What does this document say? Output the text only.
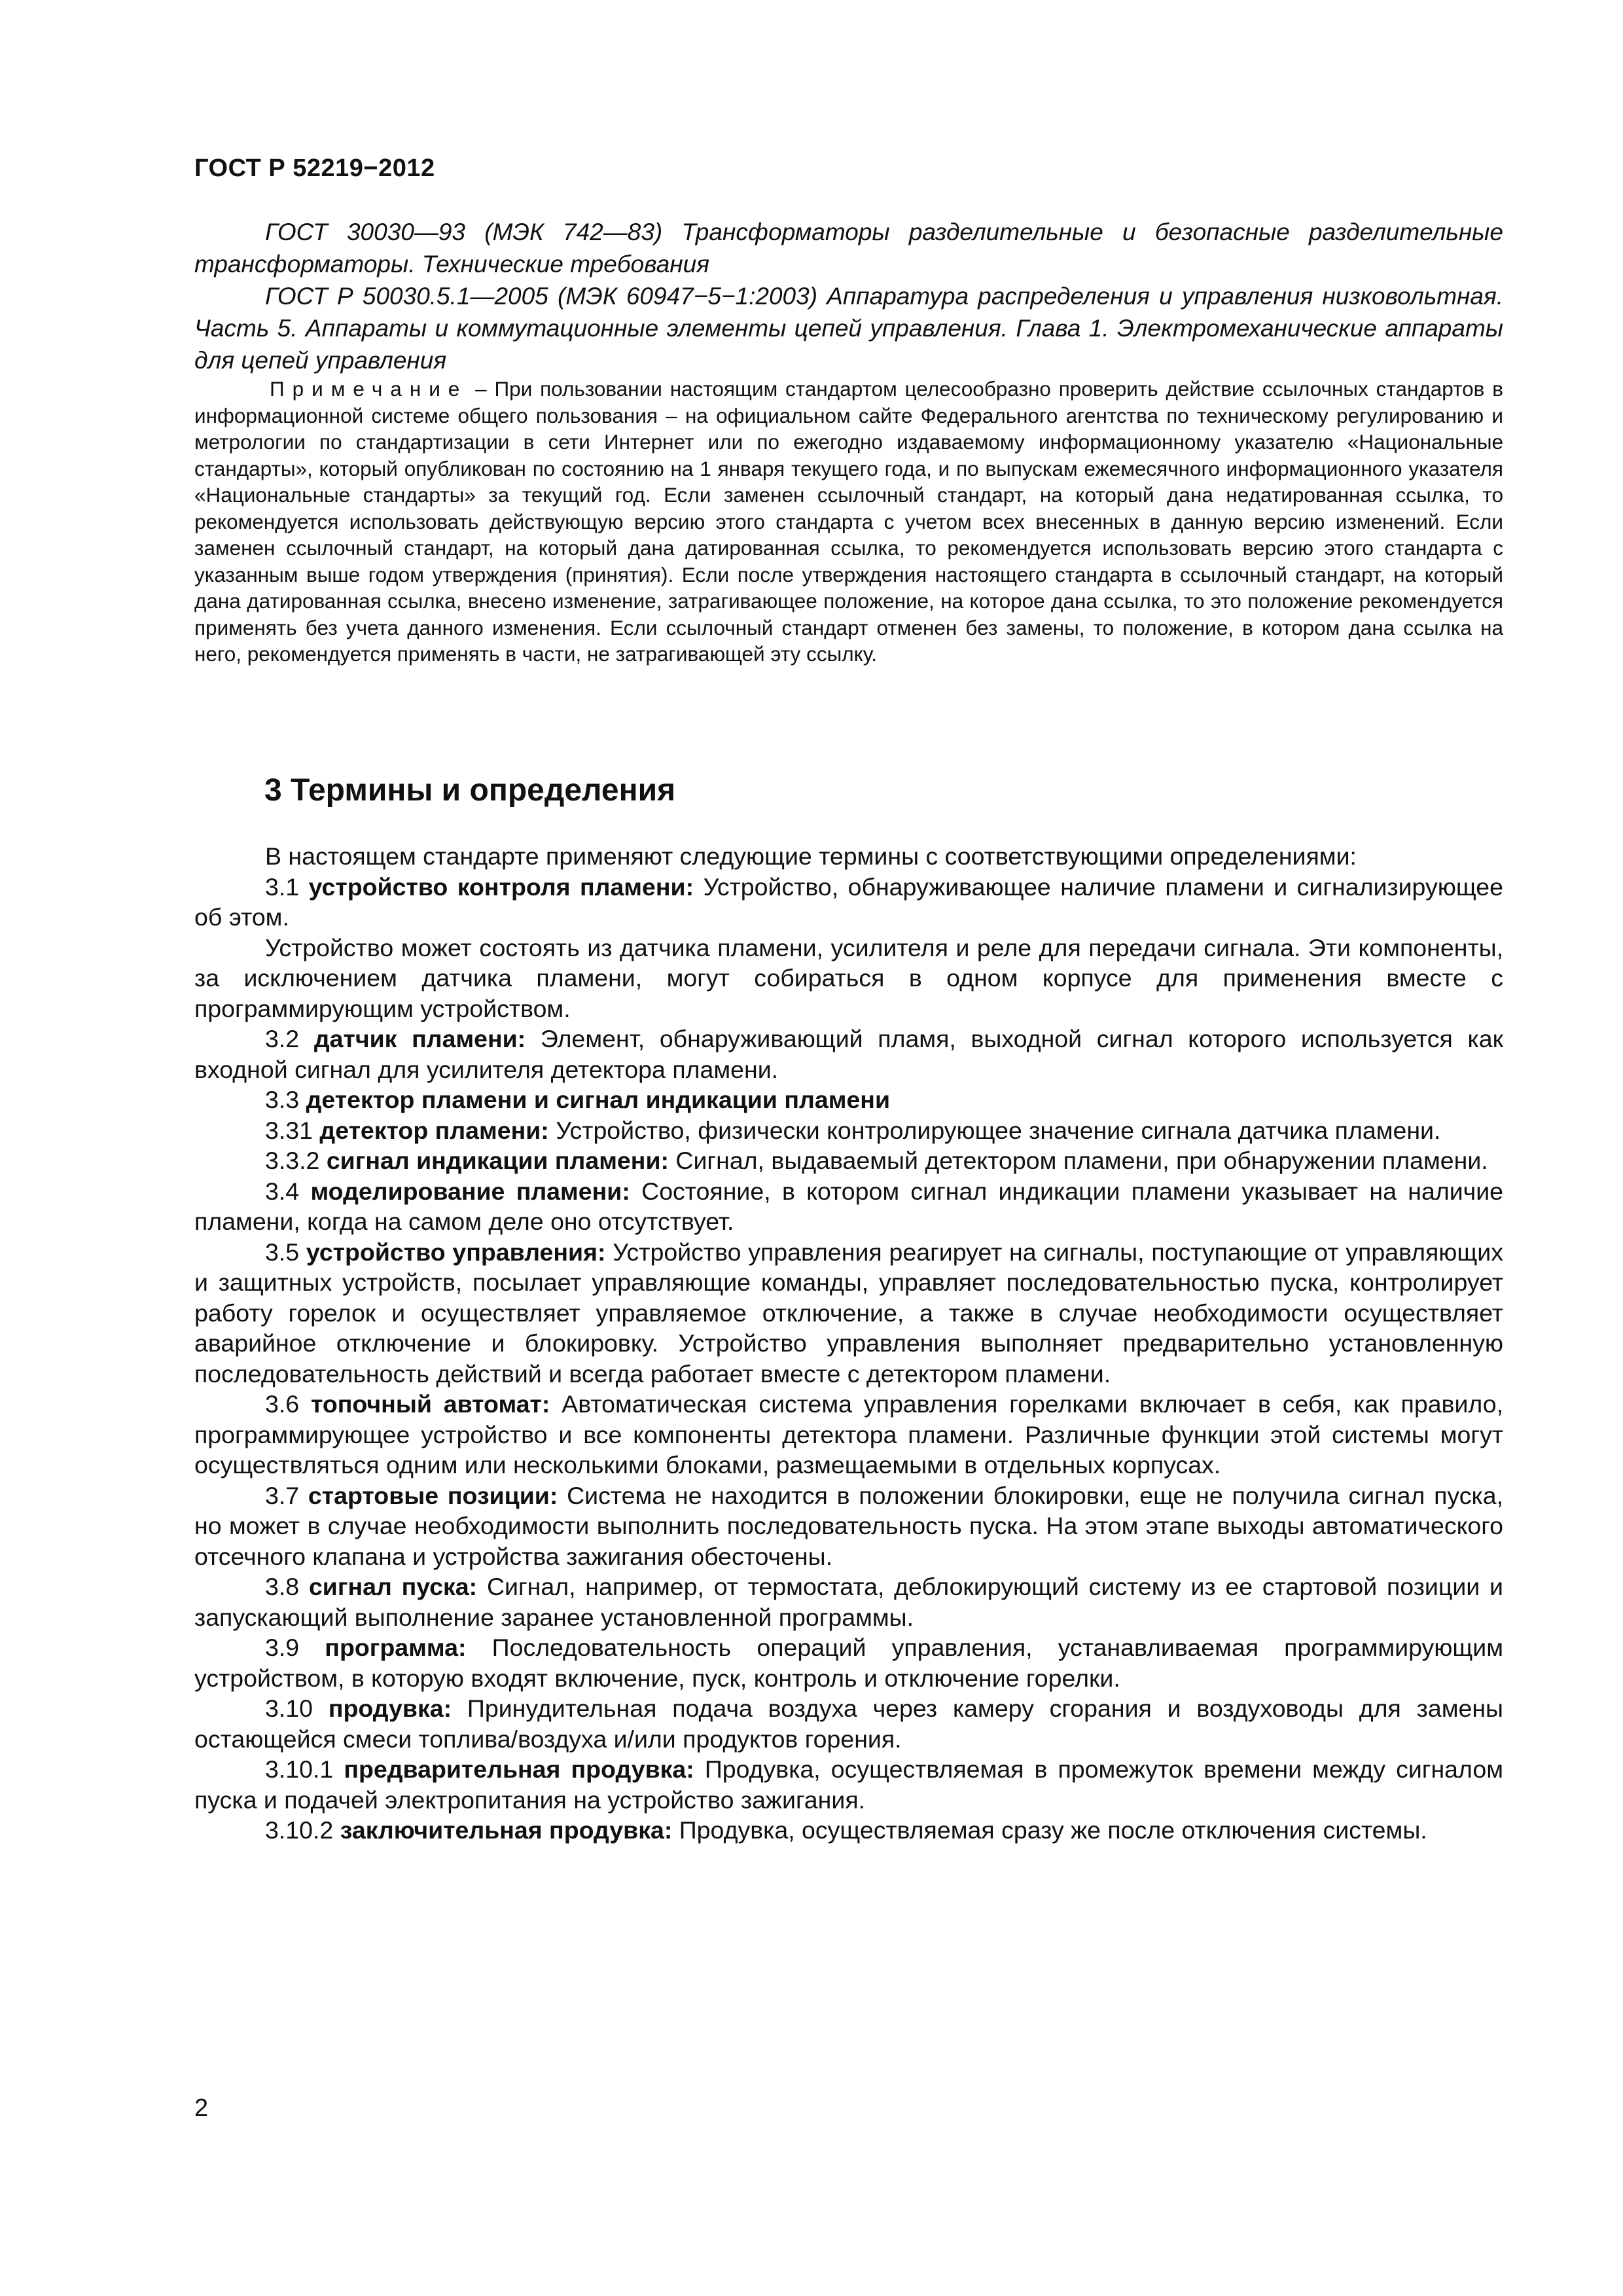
ГОСТ Р 52219−2012

ГОСТ 30030—93 (МЭК 742—83) Трансформаторы разделительные и безопасные разделительные трансформаторы. Технические требования

ГОСТ Р 50030.5.1—2005 (МЭК 60947−5−1:2003) Аппаратура распределения и управления низковольтная. Часть 5. Аппараты и коммутационные элементы цепей управления. Глава 1. Электромеханические аппараты для цепей управления

Примечание – При пользовании настоящим стандартом целесообразно проверить действие ссылочных стандартов в информационной системе общего пользования – на официальном сайте Федерального агентства по техническому регулированию и метрологии по стандартизации в сети Интернет или по ежегодно издаваемому информационному указателю «Национальные стандарты», который опубликован по состоянию на 1 января текущего года, и по выпускам ежемесячного информационного указателя «Национальные стандарты» за текущий год. Если заменен ссылочный стандарт, на который дана недатированная ссылка, то рекомендуется использовать действующую версию этого стандарта с учетом всех внесенных в данную версию изменений. Если заменен ссылочный стандарт, на который дана датированная ссылка, то рекомендуется использовать версию этого стандарта с указанным выше годом утверждения (принятия). Если после утверждения настоящего стандарта в ссылочный стандарт, на который дана датированная ссылка, внесено изменение, затрагивающее положение, на которое дана ссылка, то это положение рекомендуется применять без учета данного изменения. Если ссылочный стандарт отменен без замены, то положение, в котором дана ссылка на него, рекомендуется применять в части, не затрагивающей эту ссылку.

3 Термины и определения

В настоящем стандарте применяют следующие термины с соответствующими определениями:

3.1 устройство контроля пламени: Устройство, обнаруживающее наличие пламени и сигнализирующее об этом.

Устройство может состоять из датчика пламени, усилителя и реле для передачи сигнала. Эти компоненты, за исключением датчика пламени, могут собираться в одном корпусе для применения вместе с программирующим устройством.

3.2 датчик пламени: Элемент, обнаруживающий пламя, выходной сигнал которого используется как входной сигнал для усилителя детектора пламени.

3.3 детектор пламени и сигнал индикации пламени

3.31 детектор пламени: Устройство, физически контролирующее значение сигнала датчика пламени.

3.3.2 сигнал индикации пламени: Сигнал, выдаваемый детектором пламени, при обнаружении пламени.

3.4 моделирование пламени: Состояние, в котором сигнал индикации пламени указывает на наличие пламени, когда на самом деле оно отсутствует.

3.5 устройство управления: Устройство управления реагирует на сигналы, поступающие от управляющих и защитных устройств, посылает управляющие команды, управляет последовательностью пуска, контролирует работу горелок и осуществляет управляемое отключение, а также в случае необходимости осуществляет аварийное отключение и блокировку. Устройство управления выполняет предварительно установленную последовательность действий и всегда работает вместе с детектором пламени.

3.6 топочный автомат: Автоматическая система управления горелками включает в себя, как правило, программирующее устройство и все компоненты детектора пламени. Различные функции этой системы могут осуществляться одним или несколькими блоками, размещаемыми в отдельных корпусах.

3.7 стартовые позиции: Система не находится в положении блокировки, еще не получила сигнал пуска, но может в случае необходимости выполнить последовательность пуска. На этом этапе выходы автоматического отсечного клапана и устройства зажигания обесточены.

3.8 сигнал пуска: Сигнал, например, от термостата, деблокирующий систему из ее стартовой позиции и запускающий выполнение заранее установленной программы.

3.9 программа: Последовательность операций управления, устанавливаемая программирующим устройством, в которую входят включение, пуск, контроль и отключение горелки.

3.10 продувка: Принудительная подача воздуха через камеру сгорания и воздуховоды для замены остающейся смеси топлива/воздуха и/или продуктов горения.

3.10.1 предварительная продувка: Продувка, осуществляемая в промежуток времени между сигналом пуска и подачей электропитания на устройство зажигания.

3.10.2 заключительная продувка: Продувка, осуществляемая сразу же после отключения системы.

2
